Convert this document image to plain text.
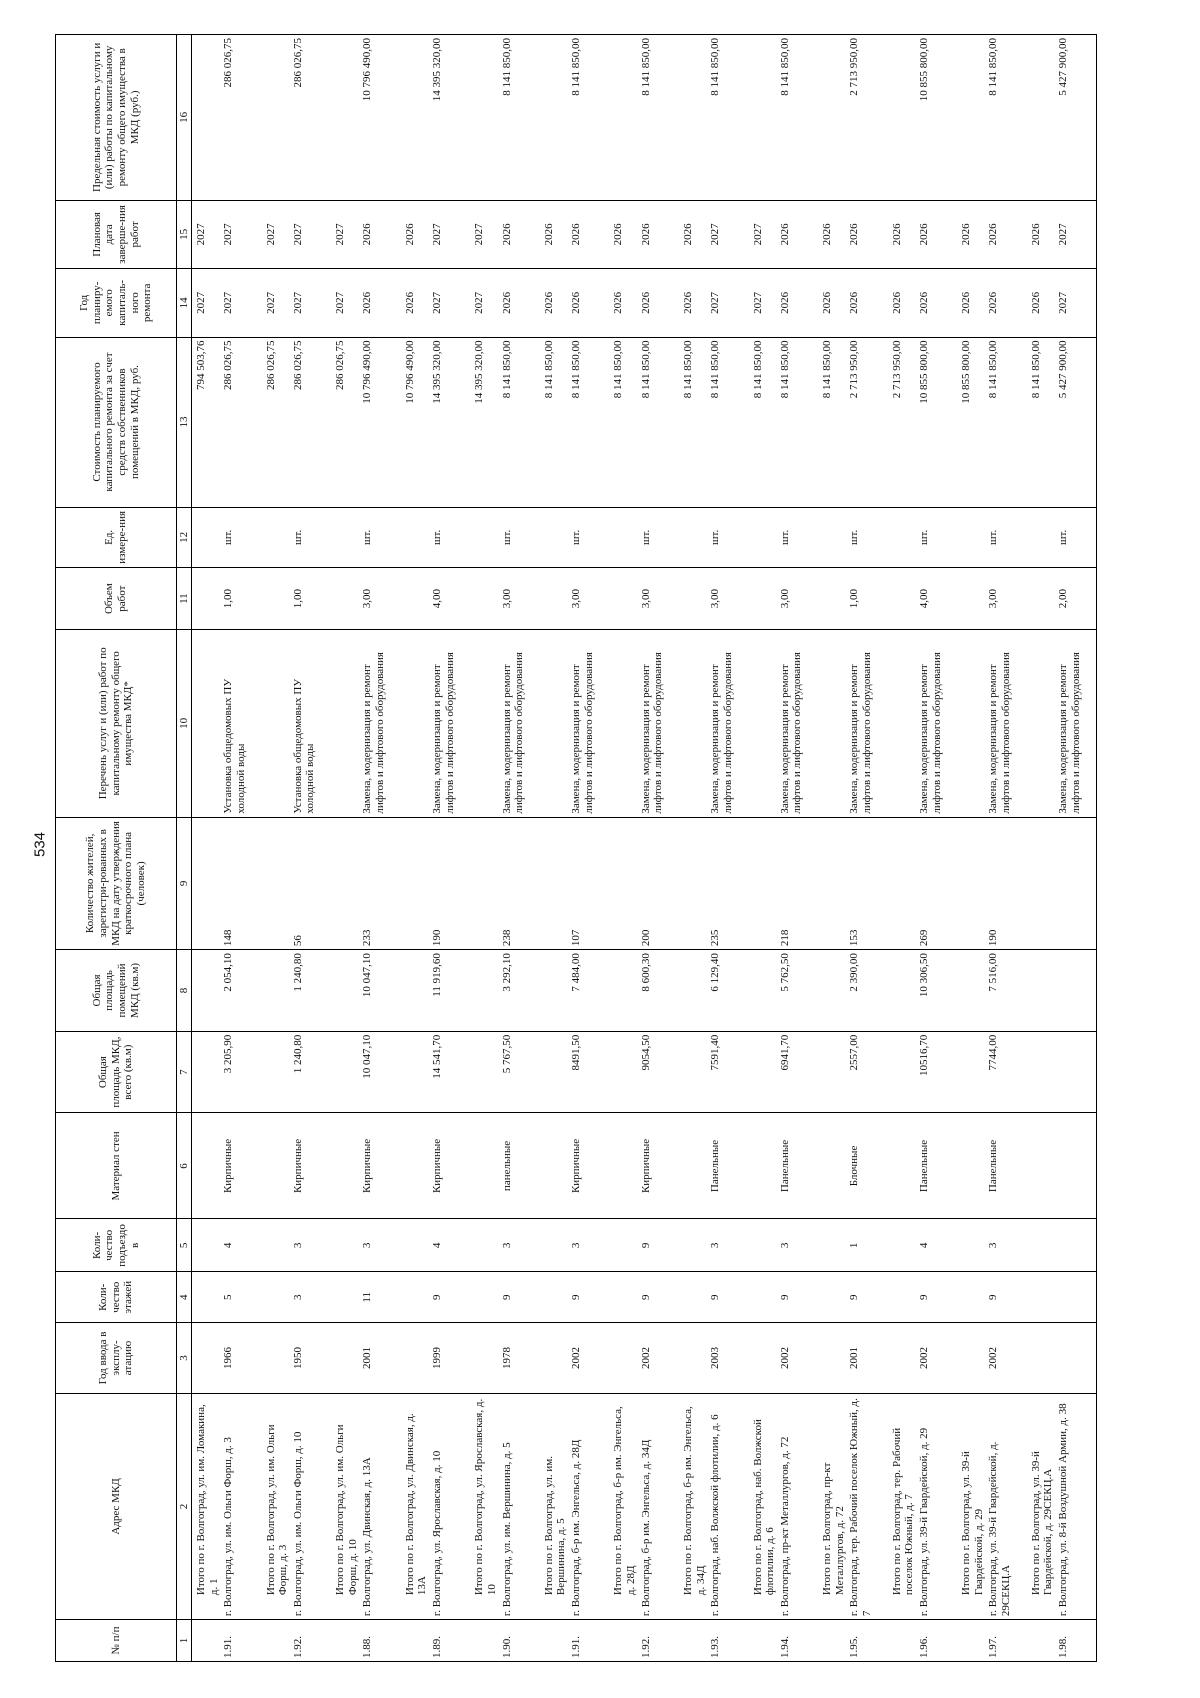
534
№ п/п	Адрес МКД	Год ввода в эксплу-атацию	Коли-чество этажей	Коли-чество подъездо в	Материал стен	Общая площадь МКД, всего (кв.м)	Общая площадь помещений МКД (кв.м)	Количество жителей, зарегистри-рованных в МКД на дату утверждения краткосрочного плана (человек)	Перечень услуг и (или) работ по капитальному ремонту общего имущества МКД*	Объем работ	Ед. измере-ния	Стоимость планируемого капитального ремонта за счет средств собственников помещений в МКД, руб.	Год планиру-емого капиталь-ного ремонта	Плановая дата заверше-ния работ	Предельная стоимость услуги и (или) работы по капитальному ремонту общего имущества в МКД (руб.)
1	2	3	4	5	6	7	8	9	10	11	12	13	14	15	16
	Итого по г. Волгоград, ул. им. Ломакина, д. 1											794 503,76	2027	2027	
1.91.	г. Волгоград, ул. им. Ольги Форш, д. 3	1966	5	4	Кирпичные	3 205,90	2 054,10	148	Установка общедомовых ПУ холодной воды	1,00	шт.	286 026,75	2027	2027	286 026,75
	Итого по г. Волгоград, ул. им. Ольги Форш, д. 3											286 026,75	2027	2027	
1.92.	г. Волгоград, ул. им. Ольги Форш, д. 10	1950	3	3	Кирпичные	1 240,80	1 240,80	56	Установка общедомовых ПУ холодной воды	1,00	шт.	286 026,75	2027	2027	286 026,75
	Итого по г. Волгоград, ул. им. Ольги Форш, д. 10											286 026,75	2027	2027	
1.88.	г. Волгоград, ул. Двинская, д. 13А	2001	11	3	Кирпичные	10 047,10	10 047,10	233	Замена, модернизация и ремонт лифтов и лифтового оборудования	3,00	шт.	10 796 490,00	2026	2026	10 796 490,00
	Итого по г. Волгоград, ул. Двинская, д. 13А											10 796 490,00	2026	2026	
1.89.	г. Волгоград, ул. Ярославская, д. 10	1999	9	4	Кирпичные	14 541,70	11 919,60	190	Замена, модернизация и ремонт лифтов и лифтового оборудования	4,00	шт.	14 395 320,00	2027	2027	14 395 320,00
	Итого по г. Волгоград, ул. Ярославская, д. 10											14 395 320,00	2027	2027	
1.90.	г. Волгоград, ул. им. Вершинина, д. 5	1978	9	3	панельные	5 767,50	3 292,10	238	Замена, модернизация и ремонт лифтов и лифтового оборудования	3,00	шт.	8 141 850,00	2026	2026	8 141 850,00
	Итого по г. Волгоград, ул. им. Вершинина, д. 5											8 141 850,00	2026	2026	
1.91.	г. Волгоград, б-р им. Энгельса, д. 28Д	2002	9	3	Кирпичные	8491,50	7 484,00	107	Замена, модернизация и ремонт лифтов и лифтового оборудования	3,00	шт.	8 141 850,00	2026	2026	8 141 850,00
	Итого по г. Волгоград, б-р им. Энгельса, д. 28Д											8 141 850,00	2026	2026	
1.92.	г. Волгоград, б-р им. Энгельса, д. 34Д	2002	9	9	Кирпичные	9054,50	8 600,30	200	Замена, модернизация и ремонт лифтов и лифтового оборудования	3,00	шт.	8 141 850,00	2026	2026	8 141 850,00
	Итого по г. Волгоград, б-р им. Энгельса, д. 34Д											8 141 850,00	2026	2026	
1.93.	г. Волгоград, наб. Волжской флотилии, д. 6	2003	9	3	Панельные	7591,40	6 129,40	235	Замена, модернизация и ремонт лифтов и лифтового оборудования	3,00	шт.	8 141 850,00	2027	2027	8 141 850,00
	Итого по г. Волгоград, наб. Волжской флотилии, д. 6											8 141 850,00	2027	2027	
1.94.	г. Волгоград, пр-кт Металлургов, д. 72	2002	9	3	Панельные	6941,70	5 762,50	218	Замена, модернизация и ремонт лифтов и лифтового оборудования	3,00	шт.	8 141 850,00	2026	2026	8 141 850,00
	Итого по г. Волгоград, пр-кт Металлургов, д. 72											8 141 850,00	2026	2026	
1.95.	г. Волгоград, тер. Рабочий поселок Южный, д. 7	2001	9	1	Блочные	2557,00	2 390,00	153	Замена, модернизация и ремонт лифтов и лифтового оборудования	1,00	шт.	2 713 950,00	2026	2026	2 713 950,00
	Итого по г. Волгоград, тер. Рабочий поселок Южный, д. 7											2 713 950,00	2026	2026	
1.96.	г. Волгоград, ул. 39-й Гвардейской, д. 29	2002	9	4	Панельные	10516,70	10 306,50	269	Замена, модернизация и ремонт лифтов и лифтового оборудования	4,00	шт.	10 855 800,00	2026	2026	10 855 800,00
	Итого по г. Волгоград, ул. 39-й Гвардейской, д. 29											10 855 800,00	2026	2026	
1.97.	г. Волгоград, ул. 39-й Гвардейской, д. 29СЕКЦ.А	2002	9	3	Панельные	7744,00	7 516,00	190	Замена, модернизация и ремонт лифтов и лифтового оборудования	3,00	шт.	8 141 850,00	2026	2026	8 141 850,00
	Итого по г. Волгоград, ул. 39-й Гвардейской, д. 29СЕКЦ.А											8 141 850,00	2026	2026	
1.98.	г. Волгоград, ул. 8-й Воздушной Армии, д. 38								Замена, модернизация и ремонт лифтов и лифтового оборудования	2,00	шт.	5 427 900,00	2027	2027	5 427 900,00
